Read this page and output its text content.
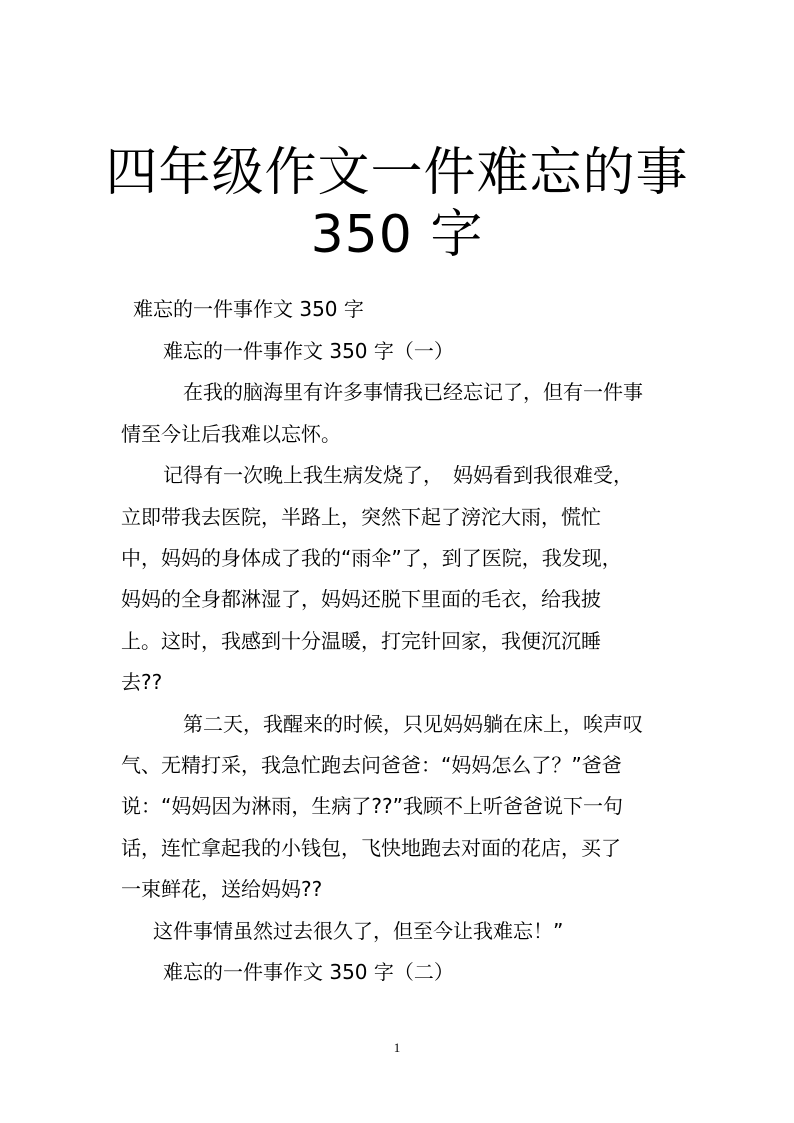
四年级作文一件难忘的事
350 字
难忘的一件事作文 350 字
难忘的一件事作文 350 字（一）
在我的脑海里有许多事情我已经忘记了，但有一件事
情至今让后我难以忘怀。
记得有一次晚上我生病发烧了，　妈妈看到我很难受，
立即带我去医院，半路上，突然下起了滂沱大雨，慌忙
中，妈妈的身体成了我的“雨伞”了，到了医院，我发现，
妈妈的全身都淋湿了，妈妈还脱下里面的毛衣，给我披
上。这时，我感到十分温暖，打完针回家，我便沉沉睡
去??
第二天，我醒来的时候，只见妈妈躺在床上，唉声叹
气、无精打采，我急忙跑去问爸爸：“妈妈怎么了？”爸爸
说：“妈妈因为淋雨，生病了??”我顾不上听爸爸说下一句
话，连忙拿起我的小钱包，飞快地跑去对面的花店，买了
一束鲜花，送给妈妈??
这件事情虽然过去很久了，但至今让我难忘！”
难忘的一件事作文 350 字（二）
1
